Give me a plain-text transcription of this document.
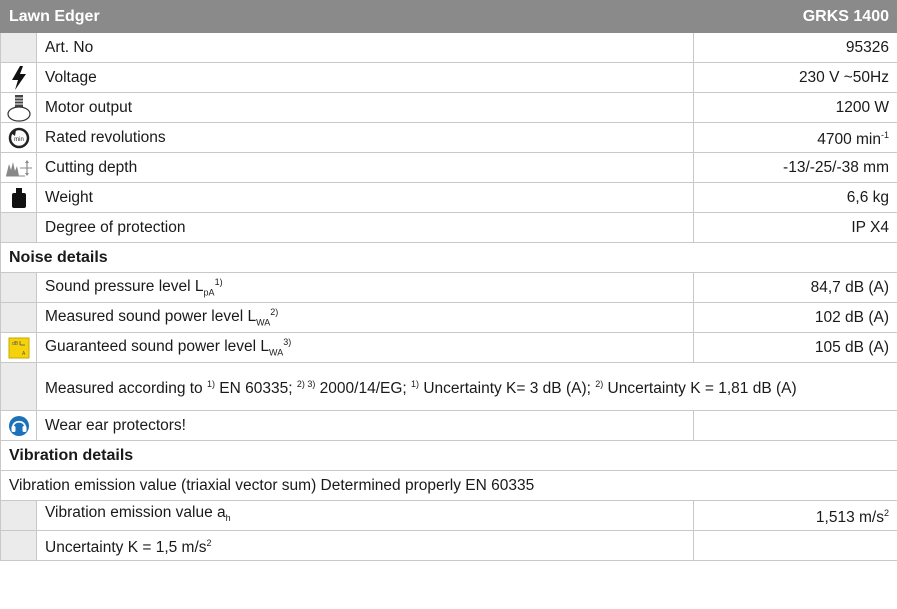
Lawn Edger		GRKS 1400
	Art. No	95326
	Voltage	230 V ~50Hz
	Motor output	1200 W

min	Rated revolutions	4700 $\min^{-1}$
	Cutting depth	-13/-25/-38 mm
	Weight	6,6 kg
	Degree of protection	IP X4
Noise details		
	Sound pressure level $L_{pA}^{1)}$	84,7 dB (A)
	Measured sound power level $L_{WA}^{2)}$	102 dB (A)

dB
A	Guaranteed sound power level $L_{WA}^{3)}$	105 dB (A)
	Measured according to $^{1)}$ EN 60335; $^{2) 3)}$ 2000/14/EG; $^{1)}$ Uncertainty K= 3 dB (A); $^{2)}$ Uncertainty K = 1,81 dB (A)	
	Wear ear protectors!	
Vibration details		
Vibration emission value (triaxial vector sum) Determined properly EN 60335		
	Vibration emission value $a_h$	1,513 $m/s^2$
	Uncertainty K = 1,5 $m/s^2$	
